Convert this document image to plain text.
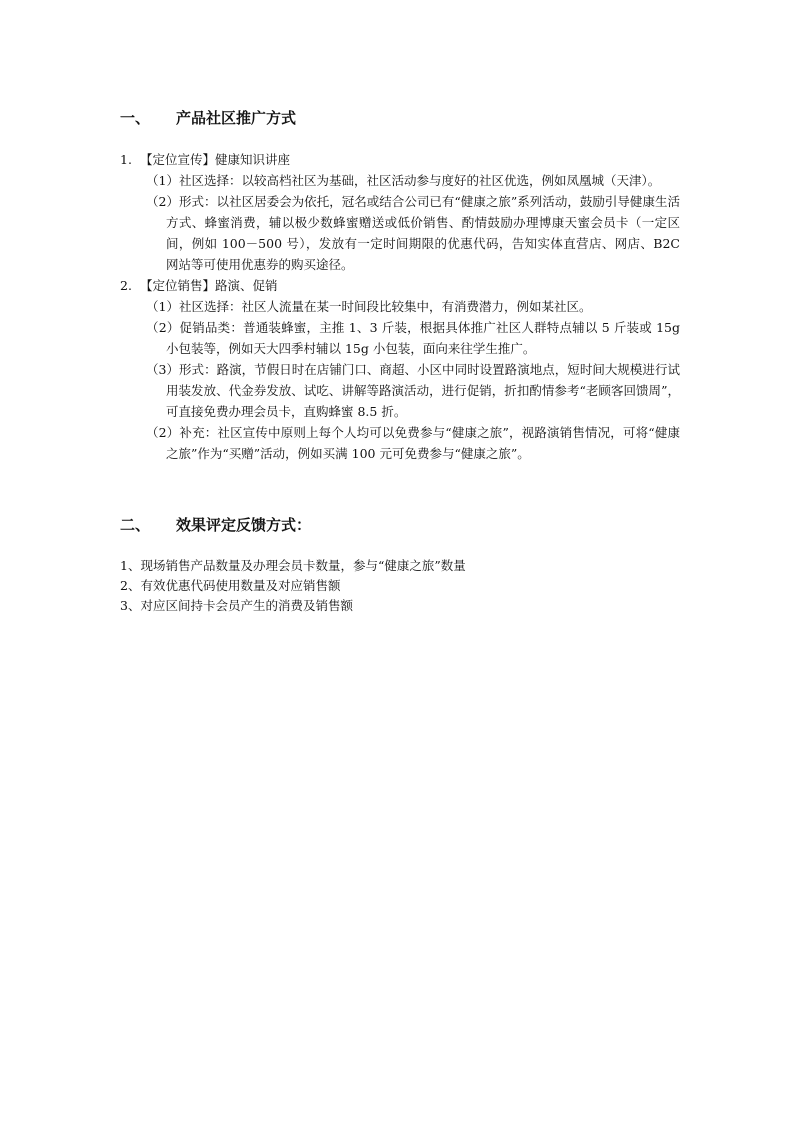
一、 产品社区推广方式
1. 【定位宣传】健康知识讲座
（1）社区选择：以较高档社区为基础，社区活动参与度好的社区优选，例如凤凰城（天津）。
（2）形式：以社区居委会为依托，冠名或结合公司已有“健康之旅”系列活动，鼓励引导健康生活方式、蜂蜜消费，辅以极少数蜂蜜赠送或低价销售、酌情鼓励办理博康天蜜会员卡（一定区间，例如 100－500 号），发放有一定时间期限的优惠代码，告知实体直营店、网店、B2C 网站等可使用优惠券的购买途径。
2. 【定位销售】路演、促销
（1）社区选择：社区人流量在某一时间段比较集中，有消费潜力，例如某社区。
（2）促销品类：普通装蜂蜜，主推 1、3 斤装，根据具体推广社区人群特点辅以 5 斤装或 15g 小包装等，例如天大四季村辅以 15g 小包装，面向来往学生推广。
（3）形式：路演，节假日时在店铺门口、商超、小区中同时设置路演地点，短时间大规模进行试用装发放、代金券发放、试吃、讲解等路演活动，进行促销，折扣酌情参考“老顾客回馈周”，可直接免费办理会员卡，直购蜂蜜 8.5 折。
（2）补充：社区宣传中原则上每个人均可以免费参与“健康之旅”，视路演销售情况，可将“健康之旅”作为“买赠”活动，例如买满 100 元可免费参与“健康之旅”。
二、 效果评定反馈方式：
1、现场销售产品数量及办理会员卡数量，参与“健康之旅”数量
2、有效优惠代码使用数量及对应销售额
3、对应区间持卡会员产生的消费及销售额
